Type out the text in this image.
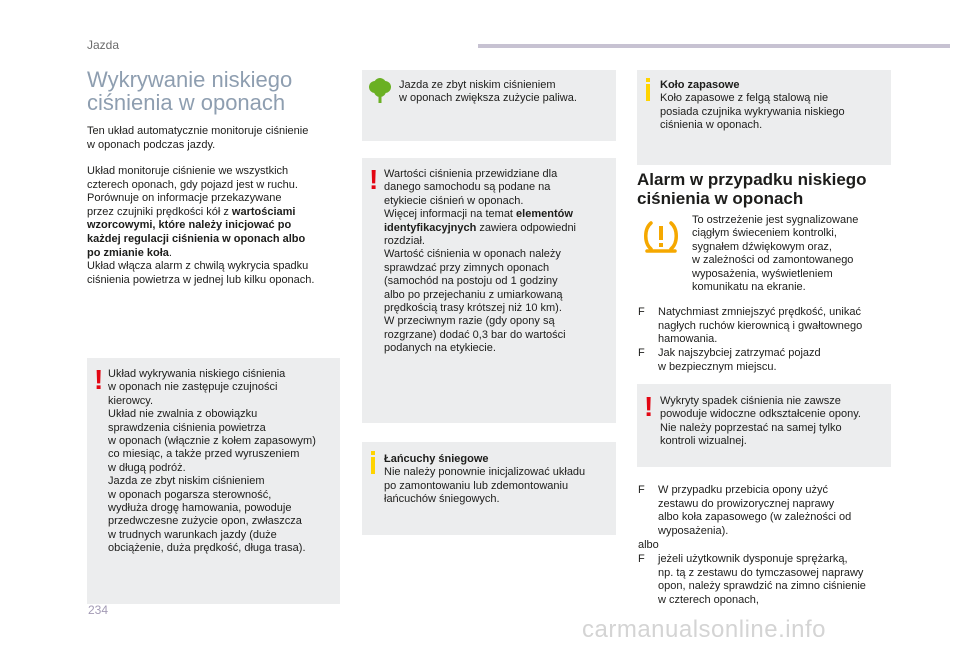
Jazda
Wykrywanie niskiego
ciśnienia w oponach
Ten układ automatycznie monitoruje ciśnienie
w oponach podczas jazdy.
Układ monitoruje ciśnienie we wszystkich
czterech oponach, gdy pojazd jest w ruchu.
Porównuje on informacje przekazywane
przez czujniki prędkości kół z wartościami
wzorcowymi, które należy inicjować po
każdej regulacji ciśnienia w oponach albo
po zmianie koła.
Układ włącza alarm z chwilą wykrycia spadku
ciśnienia powietrza w jednej lub kilku oponach.
! Układ wykrywania niskiego ciśnienia
w oponach nie zastępuje czujności
kierowcy.
Układ nie zwalnia z obowiązku
sprawdzenia ciśnienia powietrza
w oponach (włącznie z kołem zapasowym)
co miesiąc, a także przed wyruszeniem
w długą podróż.
Jazda ze zbyt niskim ciśnieniem
w oponach pogarsza sterowność,
wydłuża drogę hamowania, powoduje
przedwczesne zużycie opon, zwłaszcza
w trudnych warunkach jazdy (duże
obciążenie, duża prędkość, długa trasa).
Jazda ze zbyt niskim ciśnieniem
w oponach zwiększa zużycie paliwa.
! Wartości ciśnienia przewidziane dla
danego samochodu są podane na
etykiecie ciśnień w oponach.
Więcej informacji na temat elementów
identyfikacyjnych zawiera odpowiedni
rozdział.
Wartość ciśnienia w oponach należy
sprawdzać przy zimnych oponach
(samochód na postoju od 1 godziny
albo po przejechaniu z umiarkowaną
prędkością trasy krótszej niż 10 km).
W przeciwnym razie (gdy opony są
rozgrzane) dodać 0,3 bar do wartości
podanych na etykiecie.
Łańcuchy śniegowe
Nie należy ponownie inicjalizować układu
po zamontowaniu lub zdemontowaniu
łańcuchów śniegowych.
Koło zapasowe
Koło zapasowe z felgą stalową nie
posiada czujnika wykrywania niskiego
ciśnienia w oponach.
Alarm w przypadku niskiego
ciśnienia w oponach
To ostrzeżenie jest sygnalizowane
ciągłym świeceniem kontrolki,
sygnałem dźwiękowym oraz,
w zależności od zamontowanego
wyposażenia, wyświetleniem
komunikatu na ekranie.
F Natychmiast zmniejszyć prędkość, unikać
nagłych ruchów kierownicą i gwałtownego
hamowania.
F Jak najszybciej zatrzymać pojazd
w bezpiecznym miejscu.
! Wykryty spadek ciśnienia nie zawsze
powoduje widoczne odkształcenie opony.
Nie należy poprzestać na samej tylko
kontroli wizualnej.
F W przypadku przebicia opony użyć
zestawu do prowizorycznej naprawy
albo koła zapasowego (w zależności od
wyposażenia).
albo
F jeżeli użytkownik dysponuje sprężarką,
np. tą z zestawu do tymczasowej naprawy
opon, należy sprawdzić na zimno ciśnienie
w czterech oponach,
234
carmanualsonline.info
